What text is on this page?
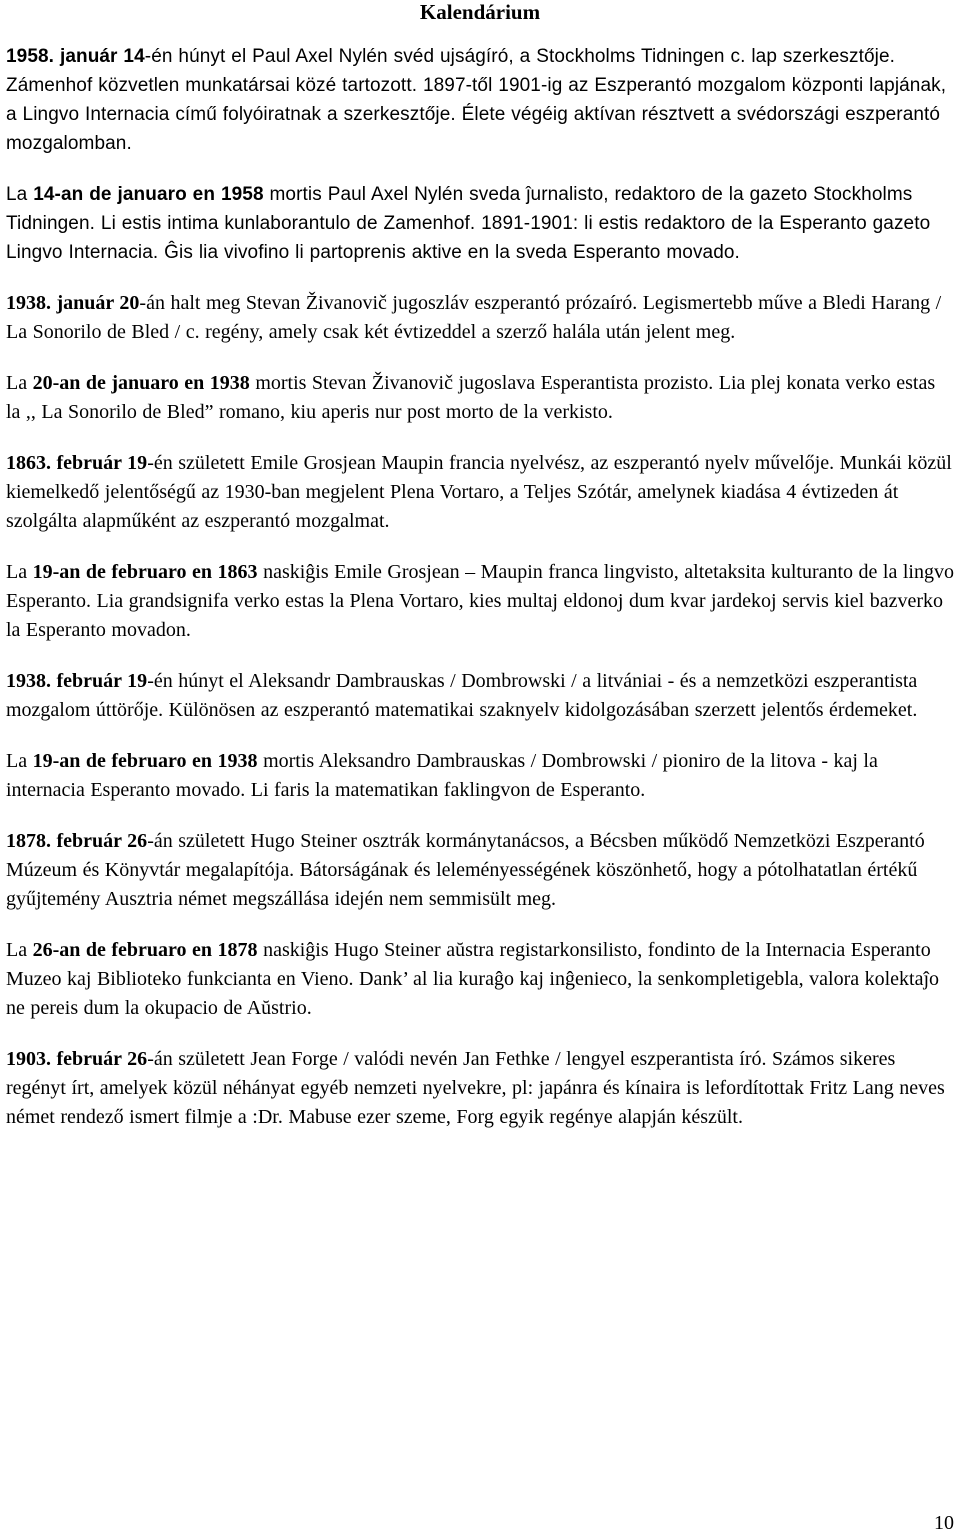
Kalendárium
1958. január 14-én húnyt el Paul Axel Nylén svéd ujságíró, a Stockholms Tidningen c. lap szerkesztője. Zámenhof közvetlen munkatársai közé tartozott. 1897-től 1901-ig az Eszperantó mozgalom központi lapjának, a Lingvo Internacia című folyóiratnak a szerkesztője. Élete végéig aktívan résztvett a svédországi eszperantó mozgalomban.
La 14-an de januaro en 1958 mortis Paul Axel Nylén sveda ĵurnalisto, redaktoro de la gazeto Stockholms Tidningen. Li estis intima kunlaborantulo de Zamenhof. 1891-1901: li estis redaktoro de la Esperanto gazeto Lingvo Internacia. Ĝis lia vivofino li partoprenis aktive en la sveda Esperanto movado.
1938. január 20-án halt meg Stevan Živanovič jugoszláv eszperantó prózaíró. Legismertebb műve a Bledi Harang / La Sonorilo de Bled / c. regény, amely csak két évtizeddel a szerző halála után jelent meg.
La 20-an de januaro en 1938 mortis Stevan Živanovič jugoslava Esperantista prozisto. Lia plej konata verko estas la ,, La Sonorilo de Bled” romano, kiu aperis nur post morto de la verkisto.
1863. február 19-én született Emile Grosjean Maupin francia nyelvész, az eszperantó nyelv művelője. Munkái közül kiemelkedő jelentőségű az 1930-ban megjelent Plena Vortaro, a Teljes Szótár, amelynek kiadása 4 évtizeden át szolgálta alapműként az eszperantó mozgalmat.
La 19-an de februaro en 1863 naskiĝis Emile Grosjean – Maupin franca lingvisto, altetaksita kulturanto de la lingvo Esperanto. Lia grandsignifa verko estas la Plena Vortaro, kies multaj eldonoj dum kvar jardekoj servis kiel bazverko la Esperanto movadon.
1938. február 19-én húnyt el Aleksandr Dambrauskas / Dombrowski / a litvániai - és a nemzetközi eszperantista mozgalom úttörője. Különösen az eszperantó matematikai szaknyelv kidolgozásában szerzett jelentős érdemeket.
La 19-an de februaro en 1938 mortis Aleksandro Dambrauskas / Dombrowski / pioniro de la litova - kaj la internacia Esperanto movado. Li faris la matematikan faklingvon de Esperanto.
1878. február 26-án született Hugo Steiner osztrák kormánytanácsos, a Bécsben működő Nemzetközi Eszperantó Múzeum és Könyvtár megalapítója. Bátorságának és leleményességének köszönhető, hogy a pótolhatatlan értékű gyűjtemény Ausztria német megszállása idején nem semmisült meg.
La 26-an de februaro en 1878 naskiĝis Hugo Steiner aŭstra registarkonsilisto, fondinto de la Internacia Esperanto Muzeo kaj Biblioteko funkcianta en Vieno. Dank’ al lia kuraĝo kaj inĝenieco, la senkompletigebla, valora kolektaĵo ne pereis dum la okupacio de Aŭstrio.
1903. február 26-án született Jean Forge / valódi nevén Jan Fethke / lengyel eszperantista író. Számos sikeres regényt írt, amelyek közül néhányat egyéb nemzeti nyelvekre, pl: japánra és kínaira is lefordítottak Fritz Lang neves német rendező ismert filmje a :Dr. Mabuse ezer szeme, Forg egyik regénye alapján készült.
10
